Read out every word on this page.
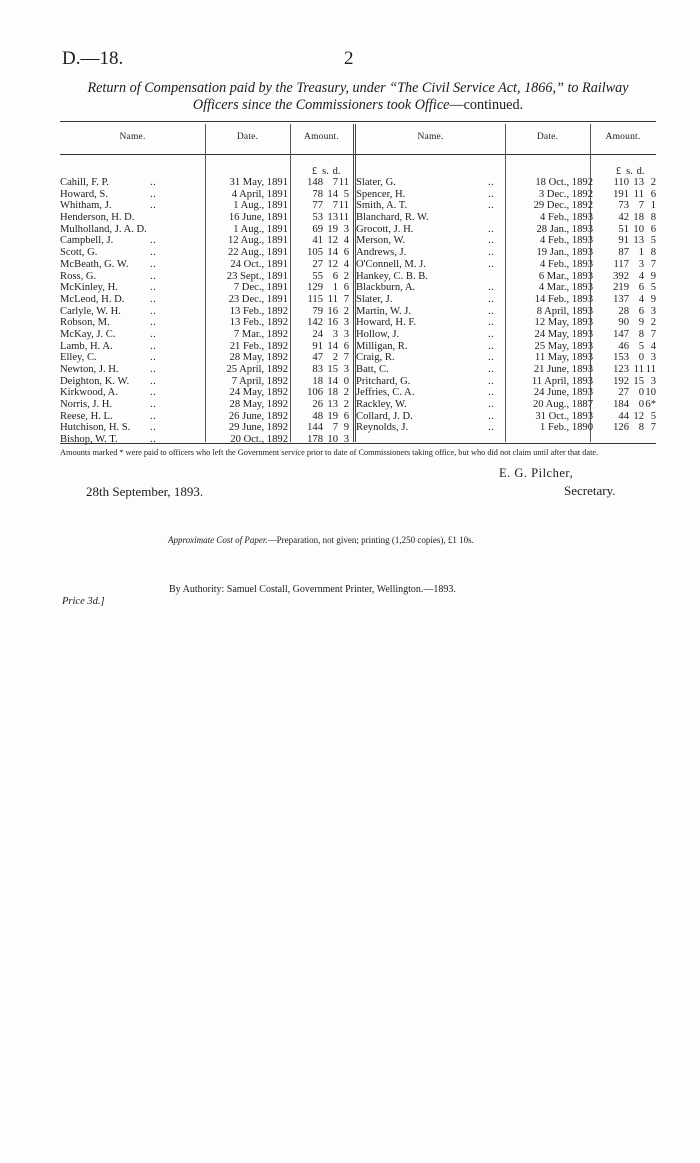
D.—18.	2
Return of Compensation paid by the Treasury, under “The Civil Service Act, 1866,” to Railway
Officers since the Commissioners took Office—continued.
Name.	Date.	Amount.	Name.	Date.	Amount.
£ s. d.	£ s. d.
Cahill, F. P.	..	31 May, 1891 148 7 11
Howard, S.	..	4 April, 1891 78 14 5
Whitham, J.	..	1 Aug., 1891 77 7 11
Henderson, H. D.	16 June, 1891 53 13 11
Mulholland, J. A. D.	1 Aug., 1891 69 19 3
Campbell, J.	..	12 Aug., 1891 41 12 4
Scott, G.	..	22 Aug., 1891 105 14 6
McBeath, G. W. ..	24 Oct., 1891 27 12 4
Ross, G.	..	23 Sept., 1891 55 6 2
McKinley, H.	..	7 Dec., 1891 129 1 6
McLeod, H. D. ..	23 Dec., 1891 115 11 7
Carlyle, W. H.	..	13 Feb., 1892 79 16 2
Robson, M.	..	13 Feb., 1892 142 16 3
McKay, J. C.	..	7 Mar., 1892 24 3 3
Lamb, H. A.	..	21 Feb., 1892 91 14 6
Elley, C.	..	28 May, 1892 47 2 7
Newton, J. H.	..	25 April, 1892 83 15 3
Deighton, K. W. ..	7 April, 1892 18 14 0
Kirkwood, A.	..	24 May, 1892 106 18 2
Norris, J. H.	..	28 May, 1892 26 13 2
Reese, H. L.	..	26 June, 1892 48 19 6
Hutchison, H. S. ..	29 June, 1892 144 7 9
Bishop, W. T.	..	20 Oct., 1892 178 10 3
Slater, G.	..	18 Oct., 1892 110 13 2
Spencer, H.	..	3 Dec., 1892 191 11 6
Smith, A. T.	..	29 Dec., 1892 73 7 1
Blanchard, R. W.	4 Feb., 1893 42 18 8
Grocott, J. H.	..	28 Jan., 1893 51 10 6
Merson, W.	..	4 Feb., 1893 91 13 5
Andrews, J.	..	19 Jan., 1893 87 1 8
O'Connell, M. J.	..	4 Feb., 1893 117 3 7
Hankey, C. B. B.	6 Mar., 1893 392 4 9
Blackburn, A.	..	4 Mar., 1893 219 6 5
Slater, J.	..	14 Feb., 1893 137 4 9
Martin, W. J.	..	8 April, 1893 28 6 3
Howard, H. F.	..	12 May, 1893 90 9 2
Hollow, J.	..	24 May, 1893 147 8 7
Milligan, R.	..	25 May, 1893 46 5 4
Craig, R.	..	11 May, 1893 153 0 3
Batt, C.	..	21 June, 1893 123 11 11
Pritchard, G.	..	11 April, 1893 192 15 3
Jeffries, C. A.	..	24 June, 1893 27 0 10
Rackley, W.	..	20 Aug., 1887 184 0 6*
Collard, J. D.	..	31 Oct., 1893 44 12 5
Reynolds, J.	..	1 Feb., 1890 126 8 7
Amounts marked * were paid to officers who left the Government service prior to date of Commissioners taking office, but who did not claim until after that date.
E. G. Pilcher,
Secretary.
28th September, 1893.
Approximate Cost of Paper.—Preparation, not given; printing (1,250 copies), £1 10s.
By Authority: Samuel Costall, Government Printer, Wellington.—1893.
Price 3d.]
